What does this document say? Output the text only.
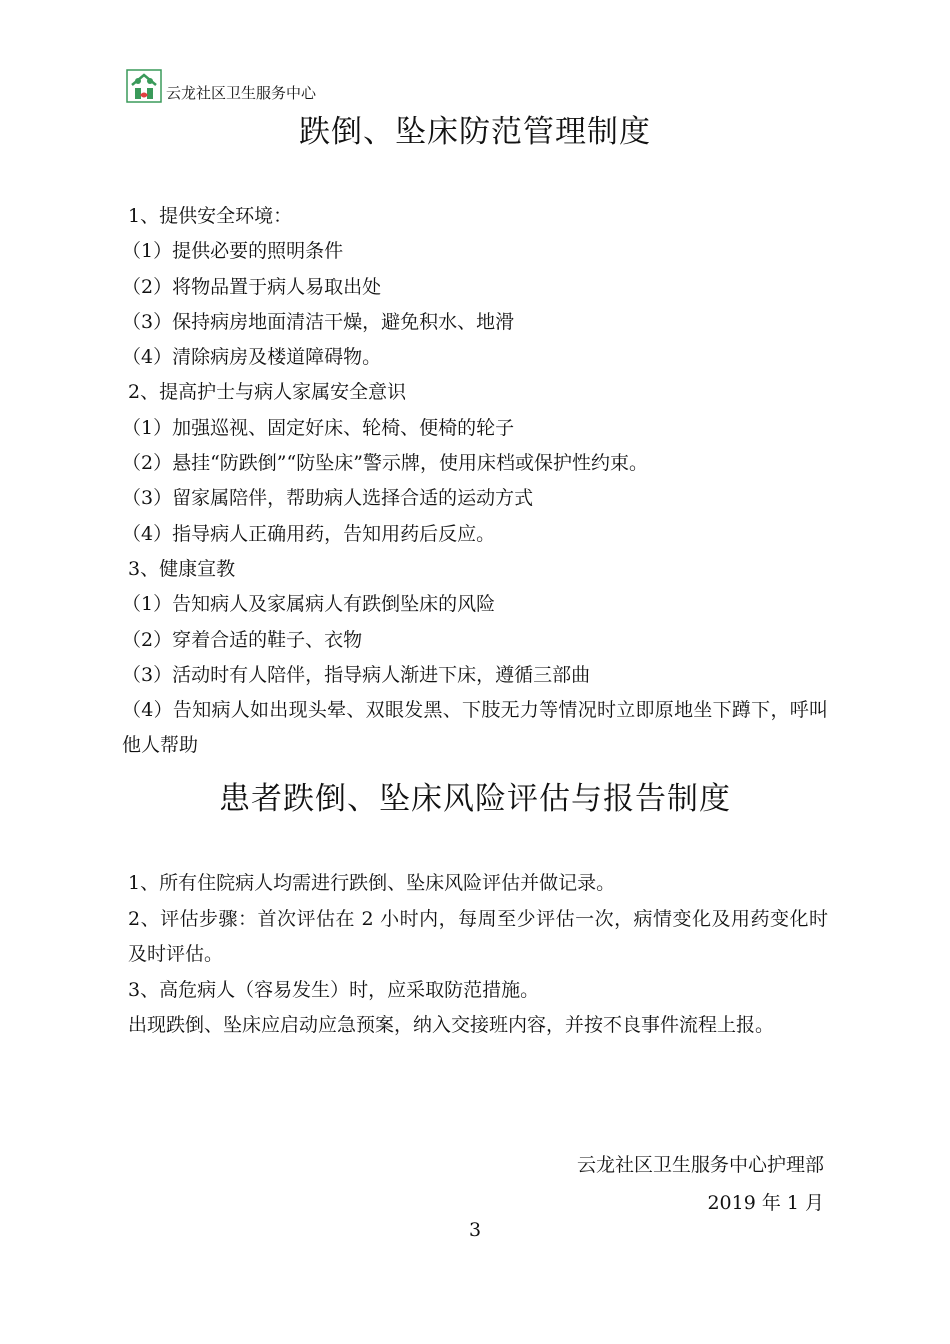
云龙社区卫生服务中心
跌倒、坠床防范管理制度
1、提供安全环境：
（1）提供必要的照明条件
（2）将物品置于病人易取出处
（3）保持病房地面清洁干燥，避免积水、地滑
（4）清除病房及楼道障碍物。
2、提高护士与病人家属安全意识
（1）加强巡视、固定好床、轮椅、便椅的轮子
（2）悬挂“防跌倒”“防坠床”警示牌，使用床档或保护性约束。
（3）留家属陪伴，帮助病人选择合适的运动方式
（4）指导病人正确用药，告知用药后反应。
3、健康宣教
（1）告知病人及家属病人有跌倒坠床的风险
（2）穿着合适的鞋子、衣物
（3）活动时有人陪伴，指导病人渐进下床，遵循三部曲
（4）告知病人如出现头晕、双眼发黑、下肢无力等情况时立即原地坐下蹲下，呼叫他人帮助
患者跌倒、坠床风险评估与报告制度
1、所有住院病人均需进行跌倒、坠床风险评估并做记录。
2、评估步骤：首次评估在 2 小时内，每周至少评估一次，病情变化及用药变化时及时评估。
3、高危病人（容易发生）时，应采取防范措施。
出现跌倒、坠床应启动应急预案，纳入交接班内容，并按不良事件流程上报。
云龙社区卫生服务中心护理部
2019 年 1 月
3
